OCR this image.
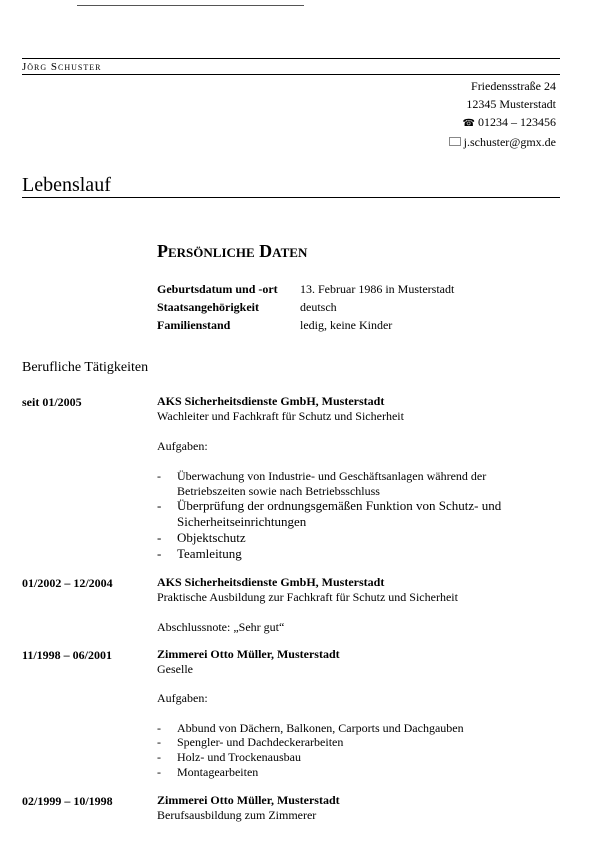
Jörg Schuster
Friedensstraße 24
12345 Musterstadt
☎ 01234 – 123456
j.schuster@gmx.de
Lebenslauf
Persönliche Daten
Geburtsdatum und -ort 13. Februar 1986 in Musterstadt
Staatsangehörigkeit	deutsch
Familienstand	ledig, keine Kinder
Berufliche Tätigkeiten
seit 01/2005	AKS Sicherheitsdienste GmbH, Musterstadt
Wachleiter und Fachkraft für Schutz und Sicherheit
Aufgaben:
- Überwachung von Industrie- und Geschäftsanlagen während der
Betriebszeiten sowie nach Betriebsschluss
- Überprüfung der ordnungsgemäßen Funktion von Schutz- und
Sicherheitseinrichtungen
- Objektschutz
- Teamleitung
01/2002 – 12/2004	AKS Sicherheitsdienste GmbH, Musterstadt
Praktische Ausbildung zur Fachkraft für Schutz und Sicherheit
Abschlussnote: „Sehr gut“
11/1998 – 06/2001	Zimmerei Otto Müller, Musterstadt
Geselle
Aufgaben:
- Abbund von Dächern, Balkonen, Carports und Dachgauben
- Spengler- und Dachdeckerarbeiten
- Holz- und Trockenausbau
- Montagearbeiten
02/1999 – 10/1998	Zimmerei Otto Müller, Musterstadt
Berufsausbildung zum Zimmerer
